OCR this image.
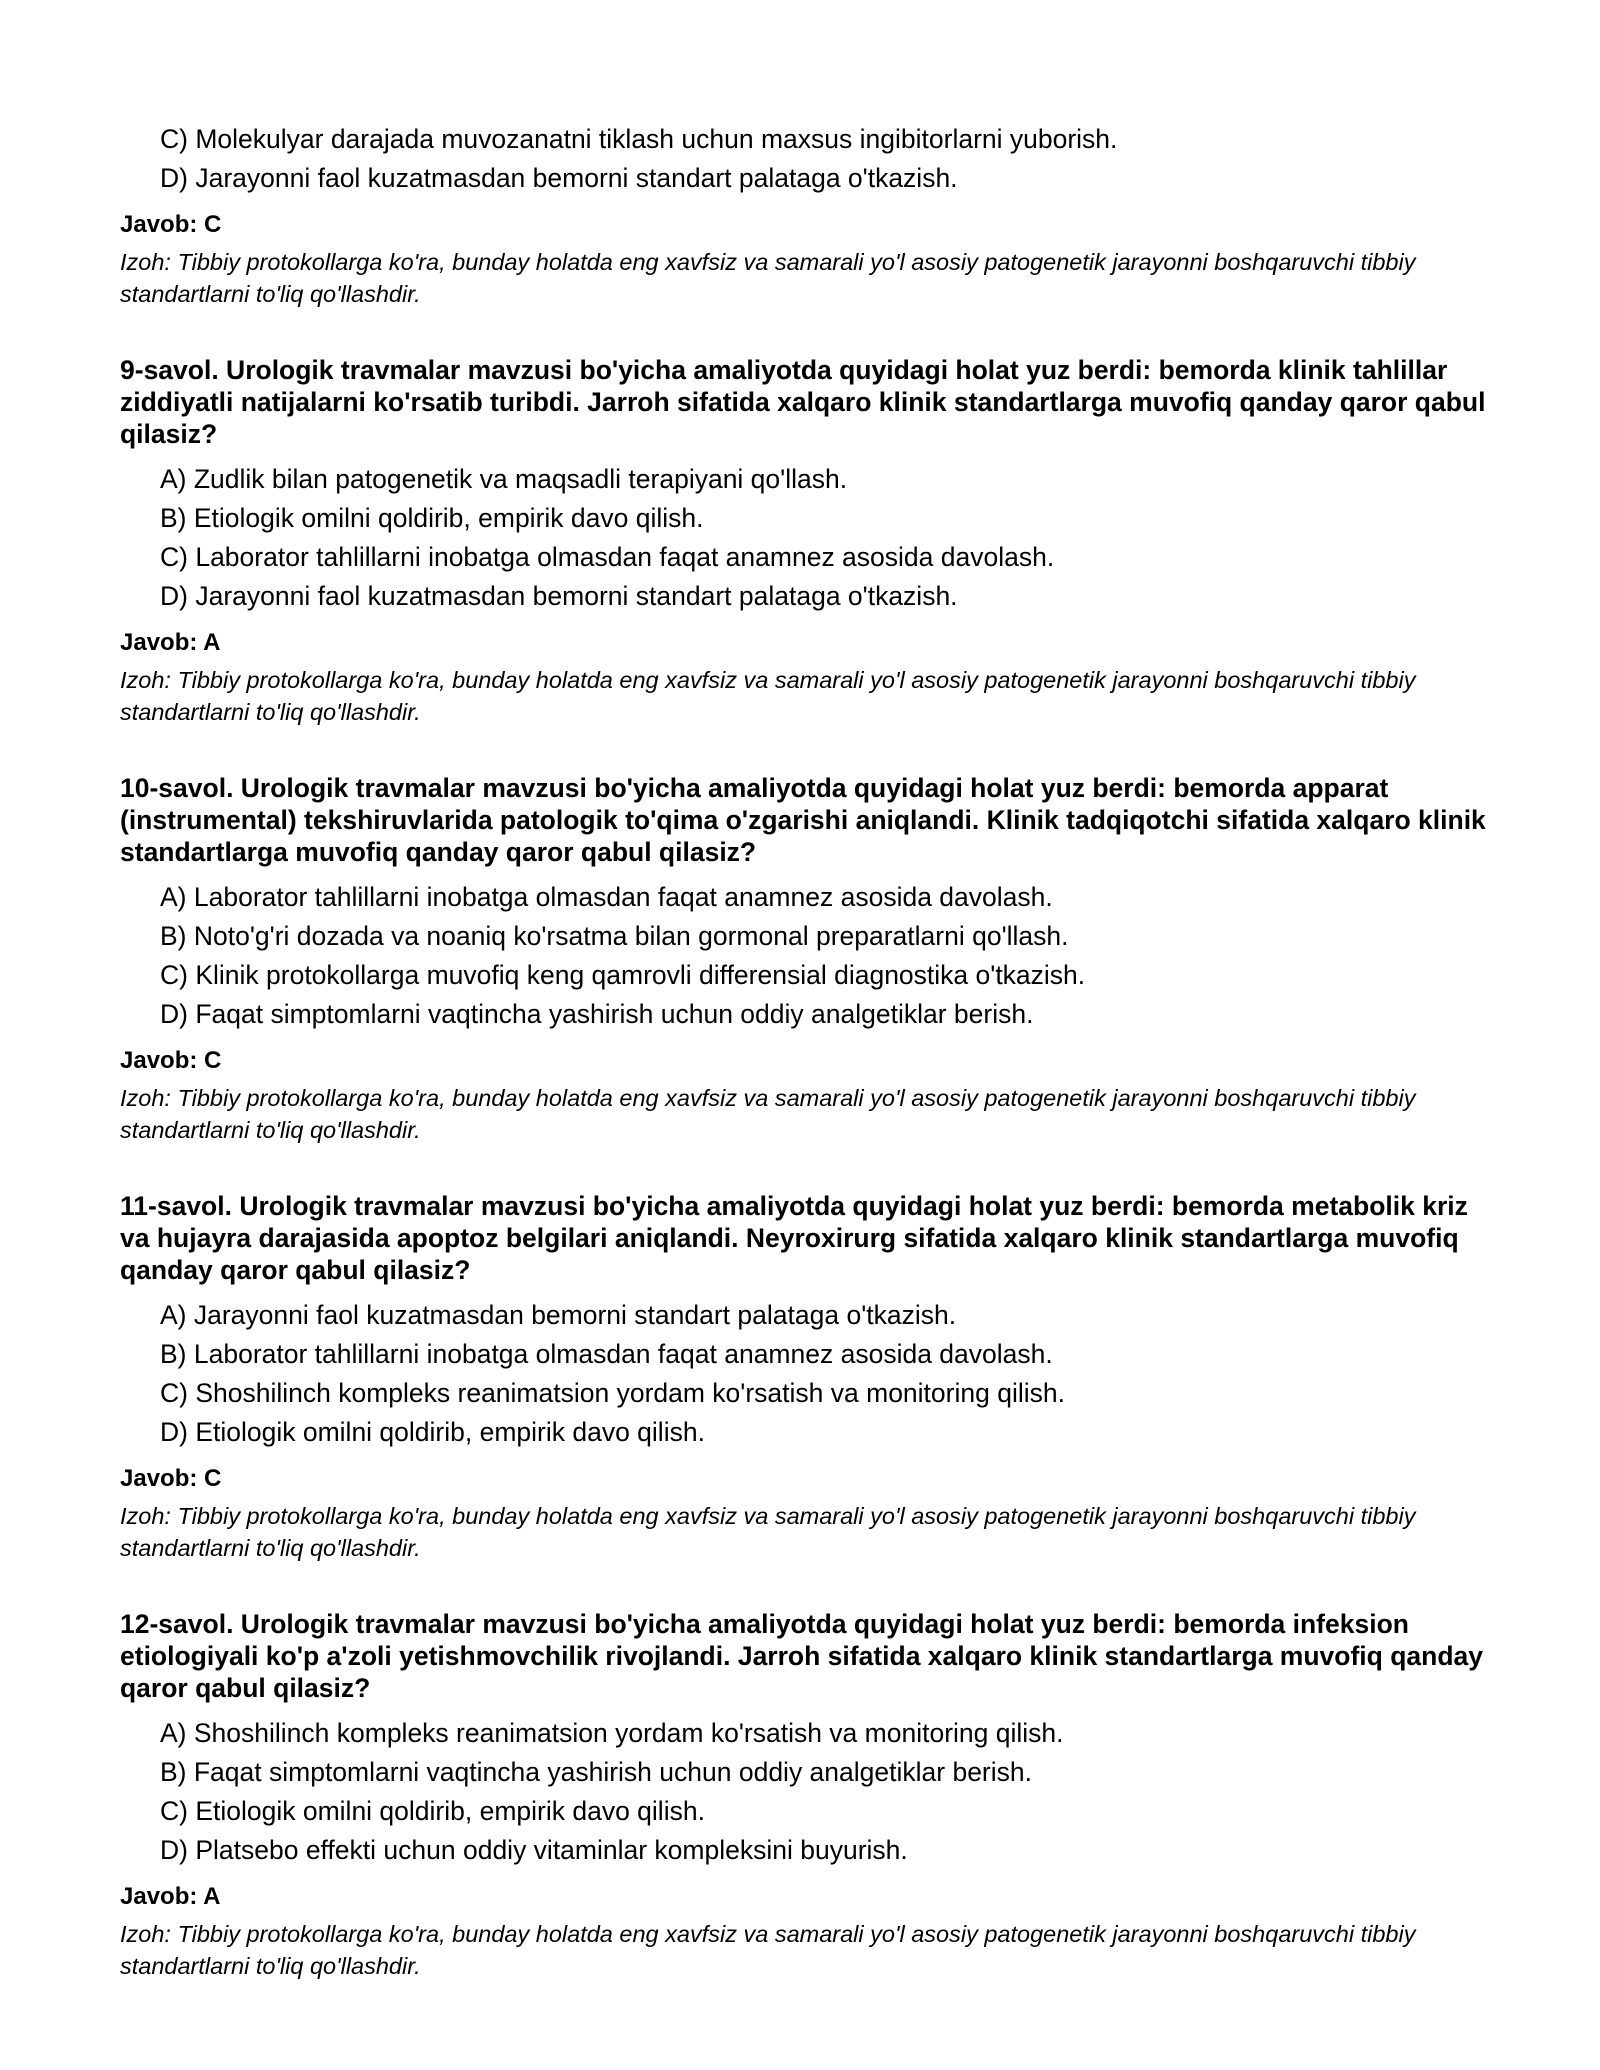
C) Molekulyar darajada muvozanatni tiklash uchun maxsus ingibitorlarni yuborish.
D) Jarayonni faol kuzatmasdan bemorni standart palataga o'tkazish.
Javob: C
Izoh: Tibbiy protokollarga ko'ra, bunday holatda eng xavfsiz va samarali yo'l asosiy patogenetik jarayonni boshqaruvchi tibbiy standartlarni to'liq qo'llashdir.
9-savol. Urologik travmalar mavzusi bo'yicha amaliyotda quyidagi holat yuz berdi: bemorda klinik tahlillar ziddiyatli natijalarni ko'rsatib turibdi. Jarroh sifatida xalqaro klinik standartlarga muvofiq qanday qaror qabul qilasiz?
A) Zudlik bilan patogenetik va maqsadli terapiyani qo'llash.
B) Etiologik omilni qoldirib, empirik davo qilish.
C) Laborator tahlillarni inobatga olmasdan faqat anamnez asosida davolash.
D) Jarayonni faol kuzatmasdan bemorni standart palataga o'tkazish.
Javob: A
Izoh: Tibbiy protokollarga ko'ra, bunday holatda eng xavfsiz va samarali yo'l asosiy patogenetik jarayonni boshqaruvchi tibbiy standartlarni to'liq qo'llashdir.
10-savol. Urologik travmalar mavzusi bo'yicha amaliyotda quyidagi holat yuz berdi: bemorda apparat (instrumental) tekshiruvlarida patologik to'qima o'zgarishi aniqlandi. Klinik tadqiqotchi sifatida xalqaro klinik standartlarga muvofiq qanday qaror qabul qilasiz?
A) Laborator tahlillarni inobatga olmasdan faqat anamnez asosida davolash.
B) Noto'g'ri dozada va noaniq ko'rsatma bilan gormonal preparatlarni qo'llash.
C) Klinik protokollarga muvofiq keng qamrovli differensial diagnostika o'tkazish.
D) Faqat simptomlarni vaqtincha yashirish uchun oddiy analgetiklar berish.
Javob: C
Izoh: Tibbiy protokollarga ko'ra, bunday holatda eng xavfsiz va samarali yo'l asosiy patogenetik jarayonni boshqaruvchi tibbiy standartlarni to'liq qo'llashdir.
11-savol. Urologik travmalar mavzusi bo'yicha amaliyotda quyidagi holat yuz berdi: bemorda metabolik kriz va hujayra darajasida apoptoz belgilari aniqlandi. Neyroxirurg sifatida xalqaro klinik standartlarga muvofiq qanday qaror qabul qilasiz?
A) Jarayonni faol kuzatmasdan bemorni standart palataga o'tkazish.
B) Laborator tahlillarni inobatga olmasdan faqat anamnez asosida davolash.
C) Shoshilinch kompleks reanimatsion yordam ko'rsatish va monitoring qilish.
D) Etiologik omilni qoldirib, empirik davo qilish.
Javob: C
Izoh: Tibbiy protokollarga ko'ra, bunday holatda eng xavfsiz va samarali yo'l asosiy patogenetik jarayonni boshqaruvchi tibbiy standartlarni to'liq qo'llashdir.
12-savol. Urologik travmalar mavzusi bo'yicha amaliyotda quyidagi holat yuz berdi: bemorda infeksion etiologiyali ko'p a'zoli yetishmovchilik rivojlandi. Jarroh sifatida xalqaro klinik standartlarga muvofiq qanday qaror qabul qilasiz?
A) Shoshilinch kompleks reanimatsion yordam ko'rsatish va monitoring qilish.
B) Faqat simptomlarni vaqtincha yashirish uchun oddiy analgetiklar berish.
C) Etiologik omilni qoldirib, empirik davo qilish.
D) Platsebo effekti uchun oddiy vitaminlar kompleksini buyurish.
Javob: A
Izoh: Tibbiy protokollarga ko'ra, bunday holatda eng xavfsiz va samarali yo'l asosiy patogenetik jarayonni boshqaruvchi tibbiy standartlarni to'liq qo'llashdir.
